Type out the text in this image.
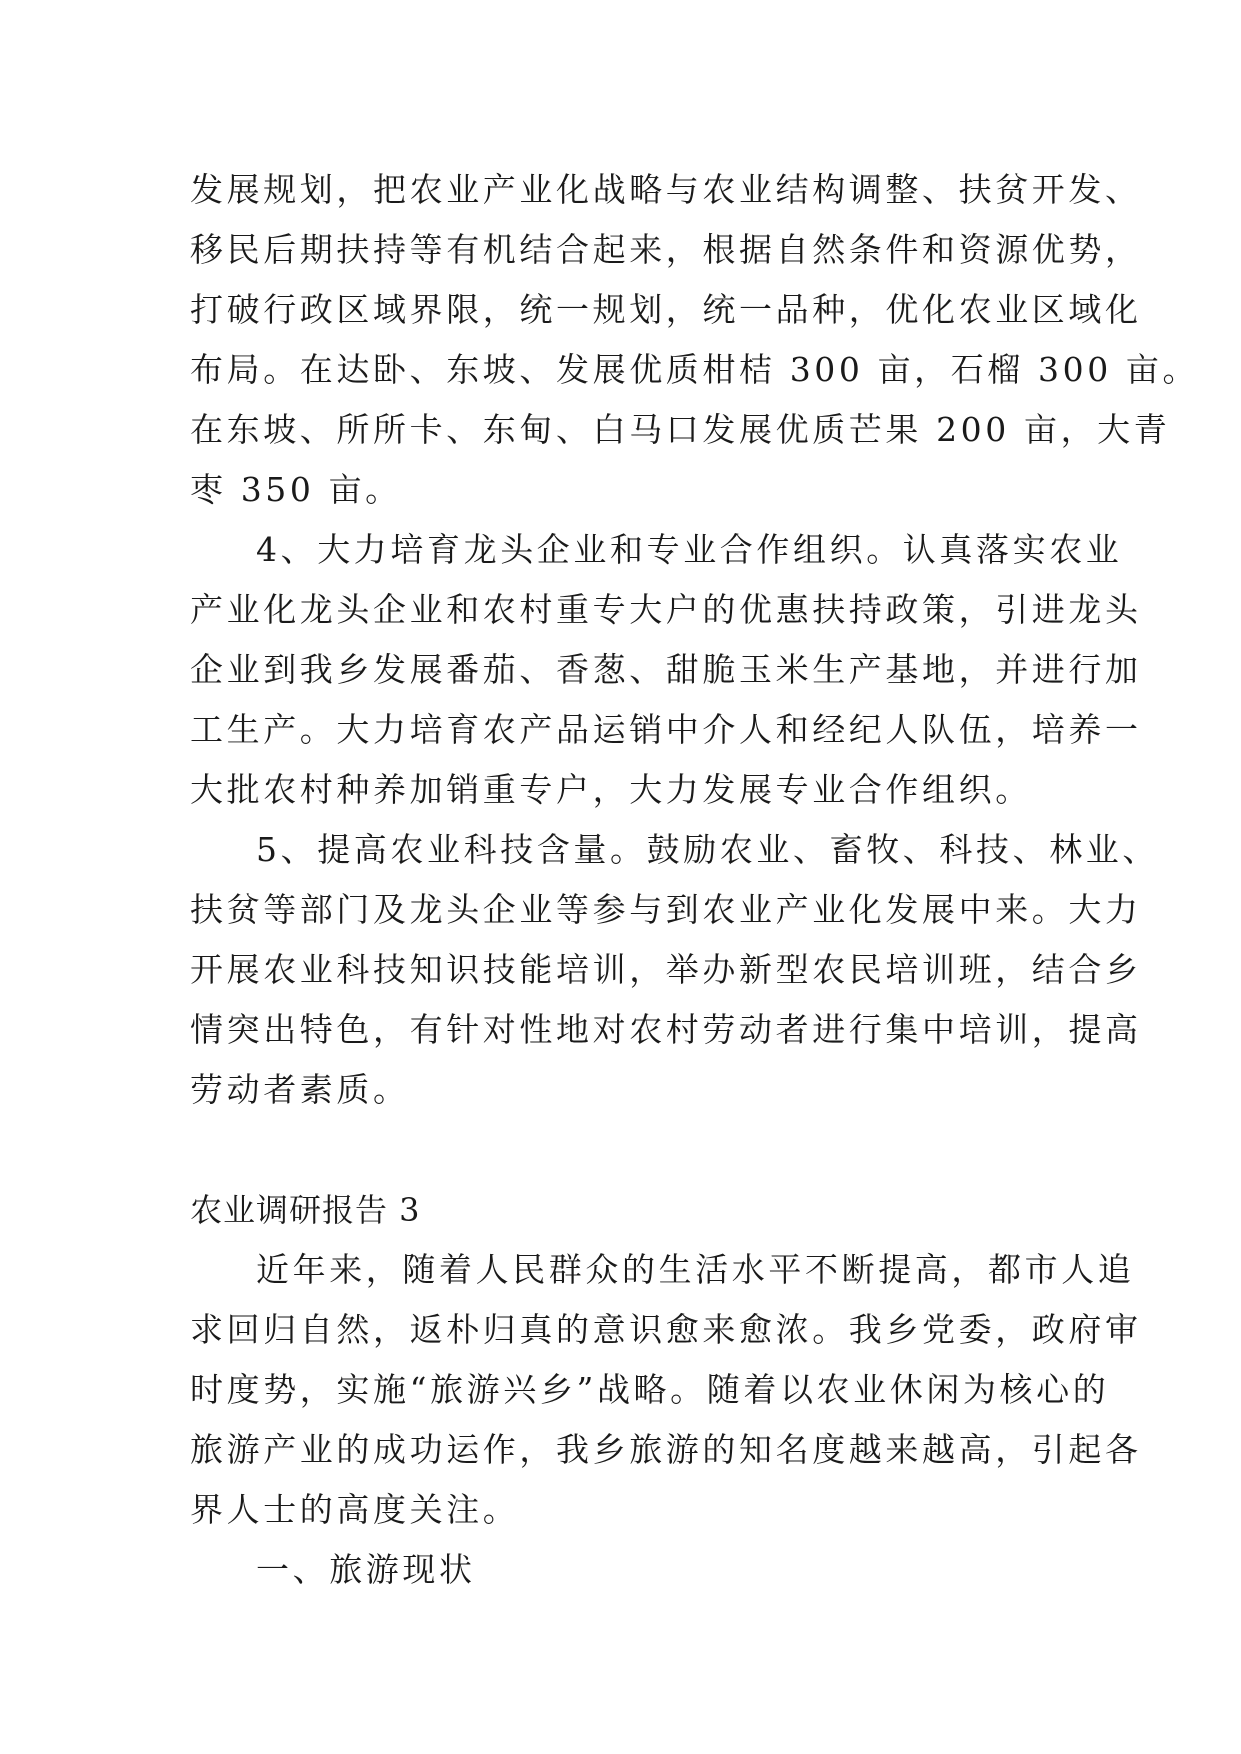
发展规划，把农业产业化战略与农业结构调整、扶贫开发、
移民后期扶持等有机结合起来，根据自然条件和资源优势，
打破行政区域界限，统一规划，统一品种，优化农业区域化
布局。在达卧、东坡、发展优质柑桔 300 亩，石榴 300 亩。
在东坡、所所卡、东甸、白马口发展优质芒果 200 亩，大青
枣 350 亩。
4、大力培育龙头企业和专业合作组织。认真落实农业
产业化龙头企业和农村重专大户的优惠扶持政策，引进龙头
企业到我乡发展番茄、香葱、甜脆玉米生产基地，并进行加
工生产。大力培育农产品运销中介人和经纪人队伍，培养一
大批农村种养加销重专户，大力发展专业合作组织。
5、提高农业科技含量。鼓励农业、畜牧、科技、林业、
扶贫等部门及龙头企业等参与到农业产业化发展中来。大力
开展农业科技知识技能培训，举办新型农民培训班，结合乡
情突出特色，有针对性地对农村劳动者进行集中培训，提高
劳动者素质。
农业调研报告 3
近年来，随着人民群众的生活水平不断提高，都市人追
求回归自然，返朴归真的意识愈来愈浓。我乡党委，政府审
时度势，实施“旅游兴乡”战略。随着以农业休闲为核心的
旅游产业的成功运作，我乡旅游的知名度越来越高，引起各
界人士的高度关注。
一、旅游现状
